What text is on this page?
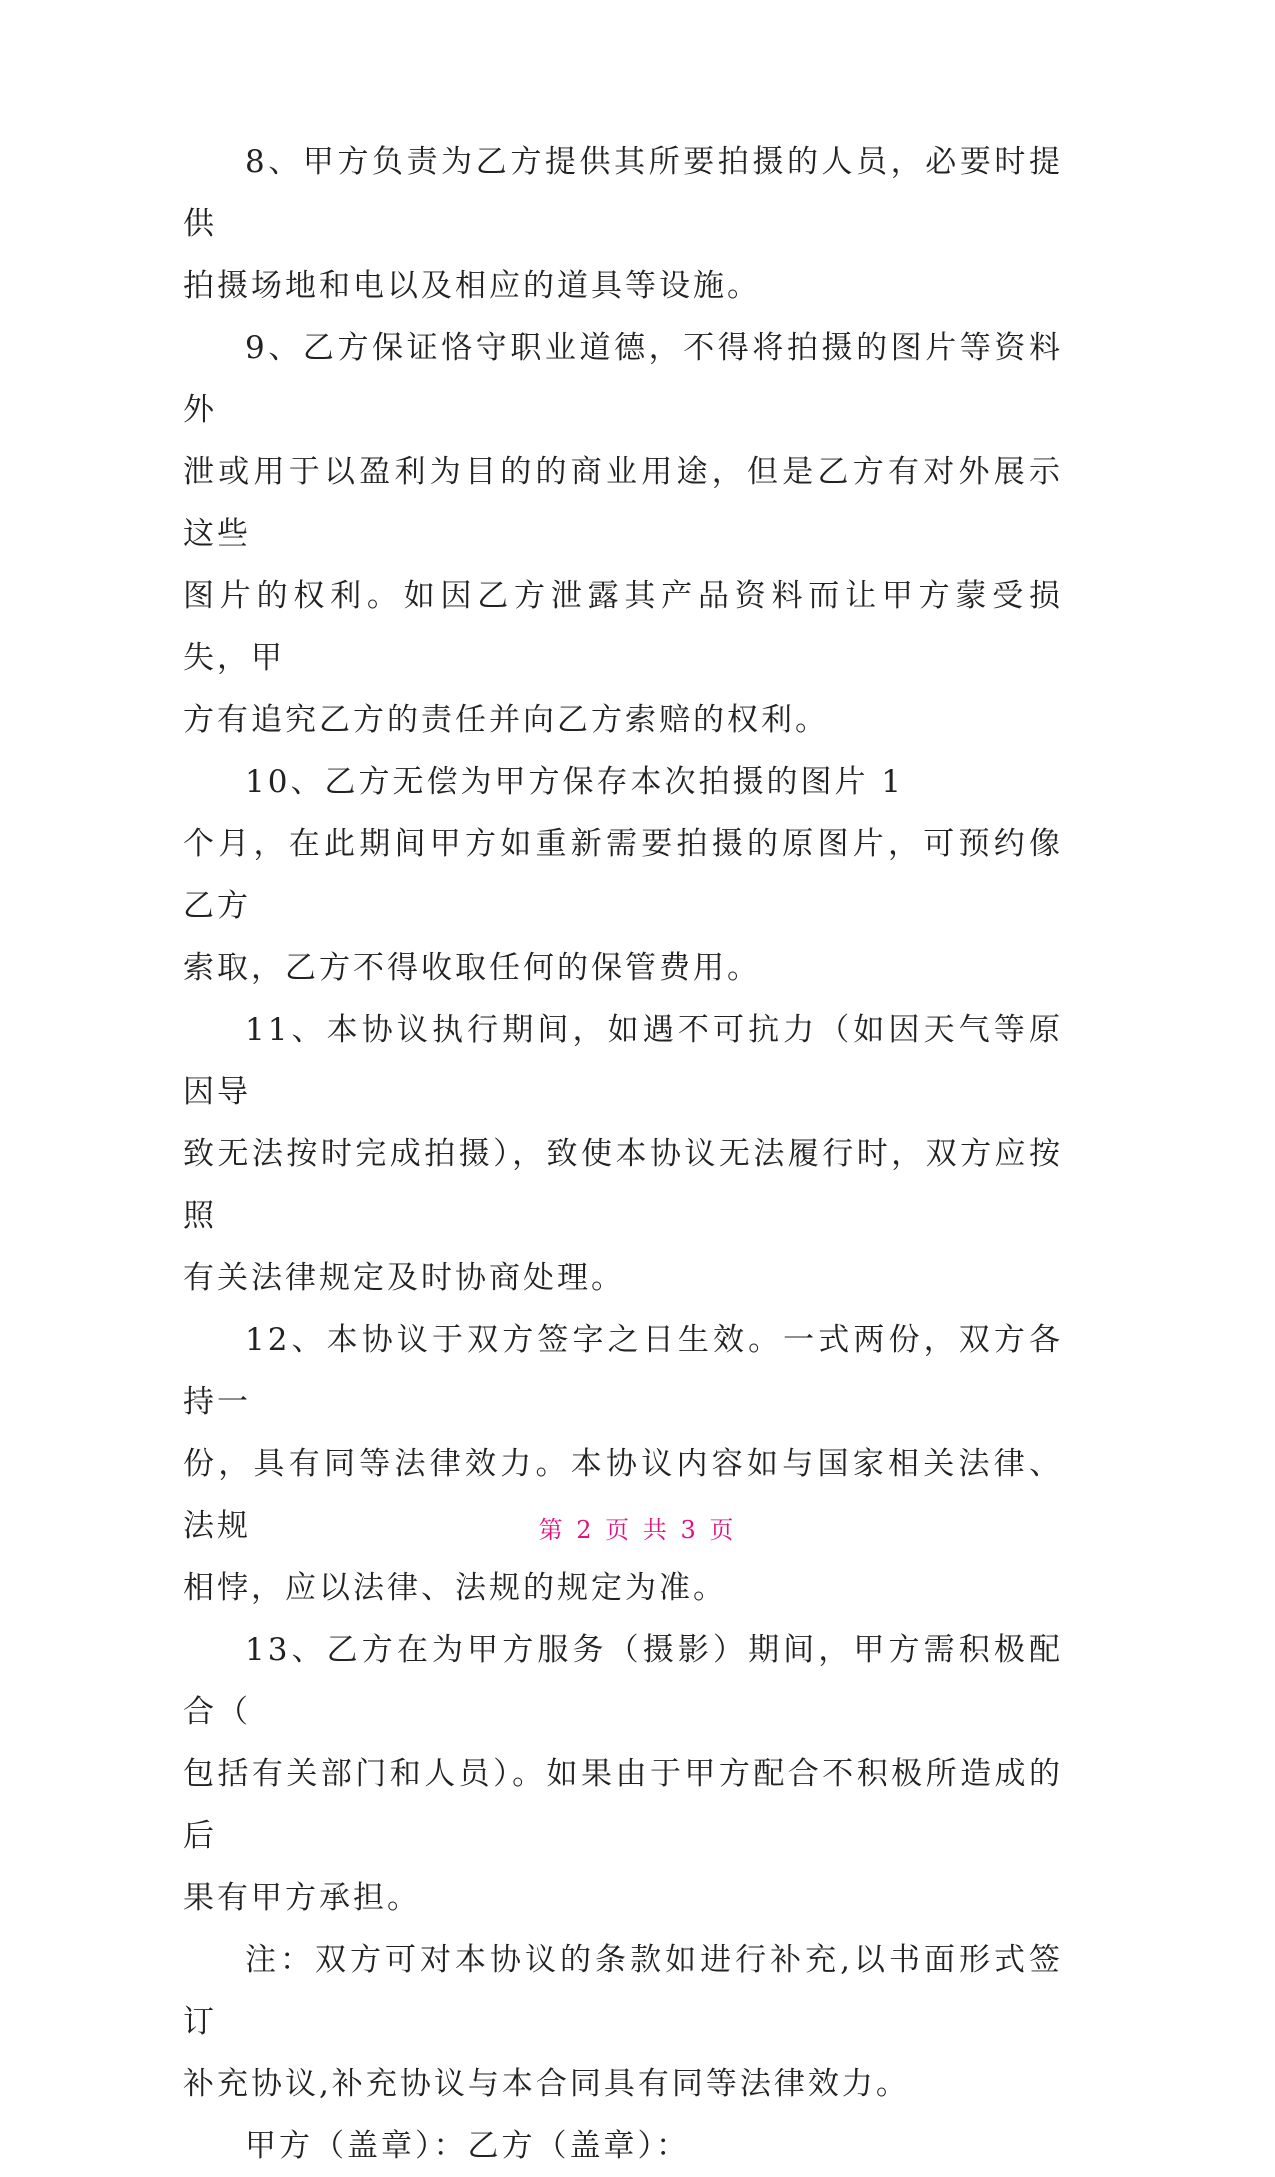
8、甲方负责为乙方提供其所要拍摄的人员，必要时提供
拍摄场地和电以及相应的道具等设施。

9、乙方保证恪守职业道德，不得将拍摄的图片等资料外
泄或用于以盈利为目的的商业用途，但是乙方有对外展示这些
图片的权利。如因乙方泄露其产品资料而让甲方蒙受损失，甲
方有追究乙方的责任并向乙方索赔的权利。

10、乙方无偿为甲方保存本次拍摄的图片 1
个月，在此期间甲方如重新需要拍摄的原图片，可预约像乙方
索取，乙方不得收取任何的保管费用。

11、本协议执行期间，如遇不可抗力（如因天气等原因导
致无法按时完成拍摄），致使本协议无法履行时，双方应按照
有关法律规定及时协商处理。

12、本协议于双方签字之日生效。一式两份，双方各持一
份，具有同等法律效力。本协议内容如与国家相关法律、法规
相悖，应以法律、法规的规定为准。

13、乙方在为甲方服务（摄影）期间，甲方需积极配合（
包括有关部门和人员）。如果由于甲方配合不积极所造成的后
果有甲方承担。

注：双方可对本协议的条款如进行补充,以书面形式签订
补充协议,补充协议与本合同具有同等法律效力。

甲方（盖章）：乙方（盖章）：

第 2 页 共 3 页
